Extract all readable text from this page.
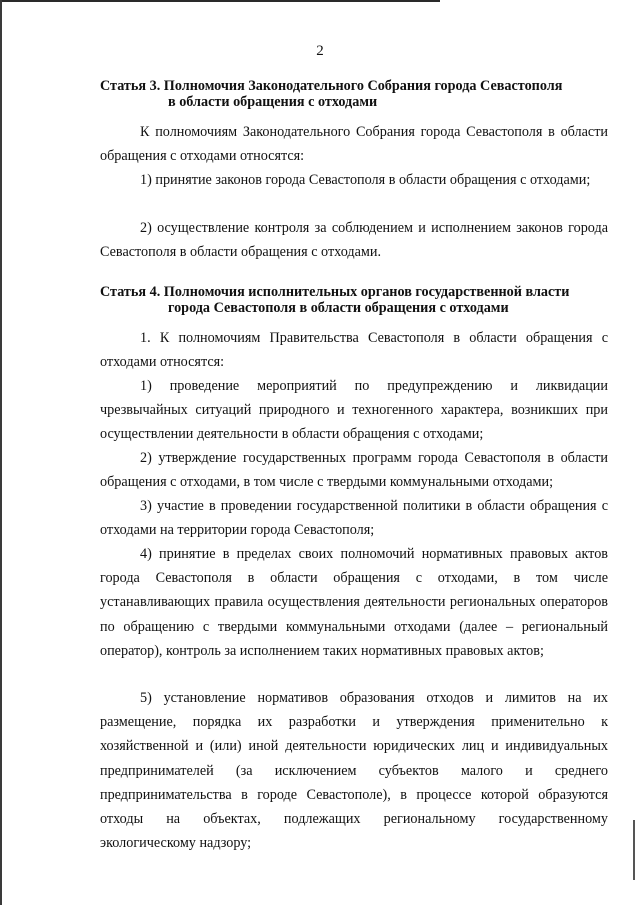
2
Статья 3. Полномочия Законодательного Собрания города Севастополя
в области обращения с отходами

К полномочиям Законодательного Собрания города Севастополя в области обращения с отходами относятся:

1) принятие законов города Севастополя в области обращения с отходами;

2) осуществление контроля за соблюдением и исполнением законов города Севастополя в области обращения с отходами.

Статья 4. Полномочия исполнительных органов государственной власти
города Севастополя в области обращения с отходами

1. К полномочиям Правительства Севастополя в области обращения с отходами относятся:

1) проведение мероприятий по предупреждению и ликвидации чрезвычайных ситуаций природного и техногенного характера, возникших при осуществлении деятельности в области обращения с отходами;

2) утверждение государственных программ города Севастополя в области обращения с отходами, в том числе с твердыми коммунальными отходами;

3) участие в проведении государственной политики в области обращения с отходами на территории города Севастополя;

4) принятие в пределах своих полномочий нормативных правовых актов города Севастополя в области обращения с отходами, в том числе устанавливающих правила осуществления деятельности региональных операторов по обращению с твердыми коммунальными отходами (далее – региональный оператор), контроль за исполнением таких нормативных правовых актов;

5) установление нормативов образования отходов и лимитов на их размещение, порядка их разработки и утверждения применительно к хозяйственной и (или) иной деятельности юридических лиц и индивидуальных предпринимателей (за исключением субъектов малого и среднего предпринимательства в городе Севастополе), в процессе которой образуются отходы на объектах, подлежащих региональному государственному экологическому надзору;
